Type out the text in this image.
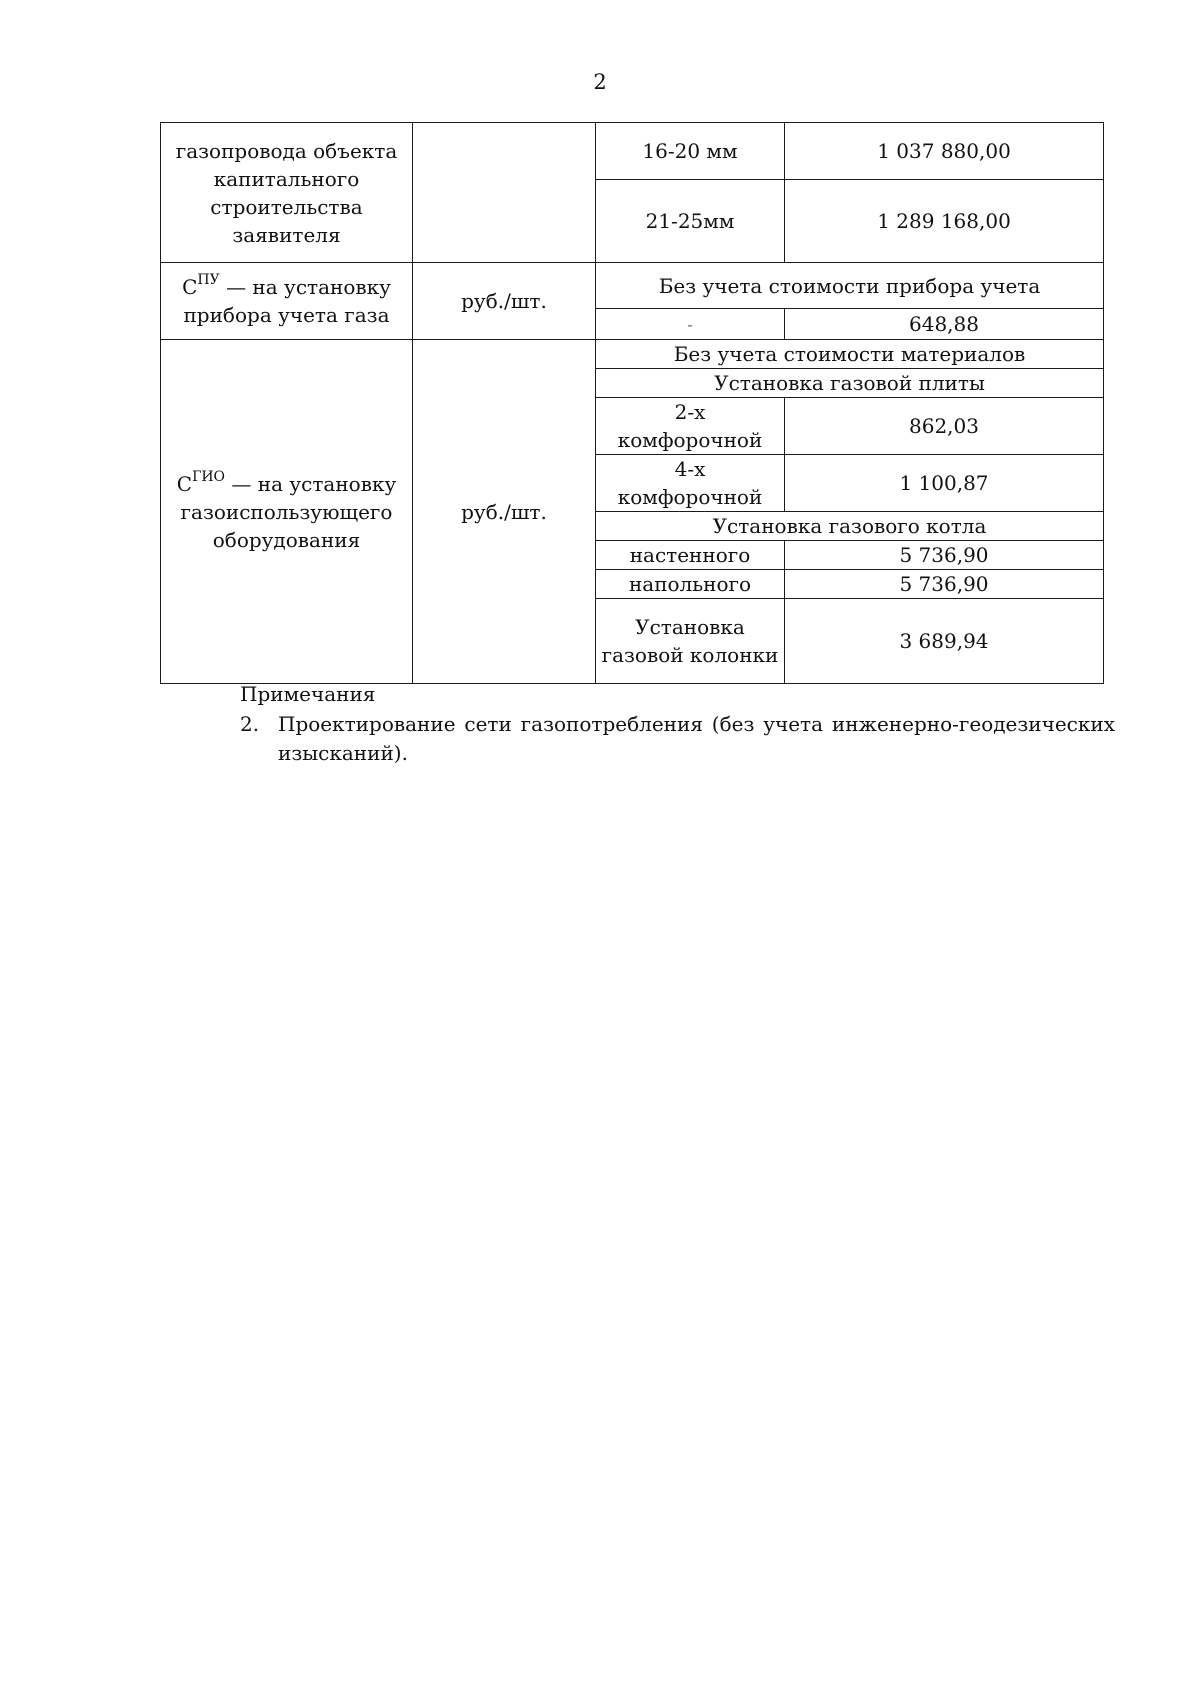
2
газопровода объекта капитального строительства заявителя		16-20 мм	1 037 880,00
		21-25мм	1 289 168,00
$С^{ПУ}$ — на установку прибора учета газа	руб./шт.	Без учета стоимости прибора учета	
		-	648,88
$С^{ГИО}$ — на установку газоиспользующего оборудования	руб./шт.	Без учета стоимости материалов	
		Установка газовой плиты	
		2-х комфорочной	862,03
		4-х комфорочной	1 100,87
		Установка газового котла	
		настенного	5 736,90
		напольного	5 736,90
		Установка газовой колонки	3 689,94
Примечания
2. Проектирование сети газопотребления (без учета инженерно-геодезических изысканий).
